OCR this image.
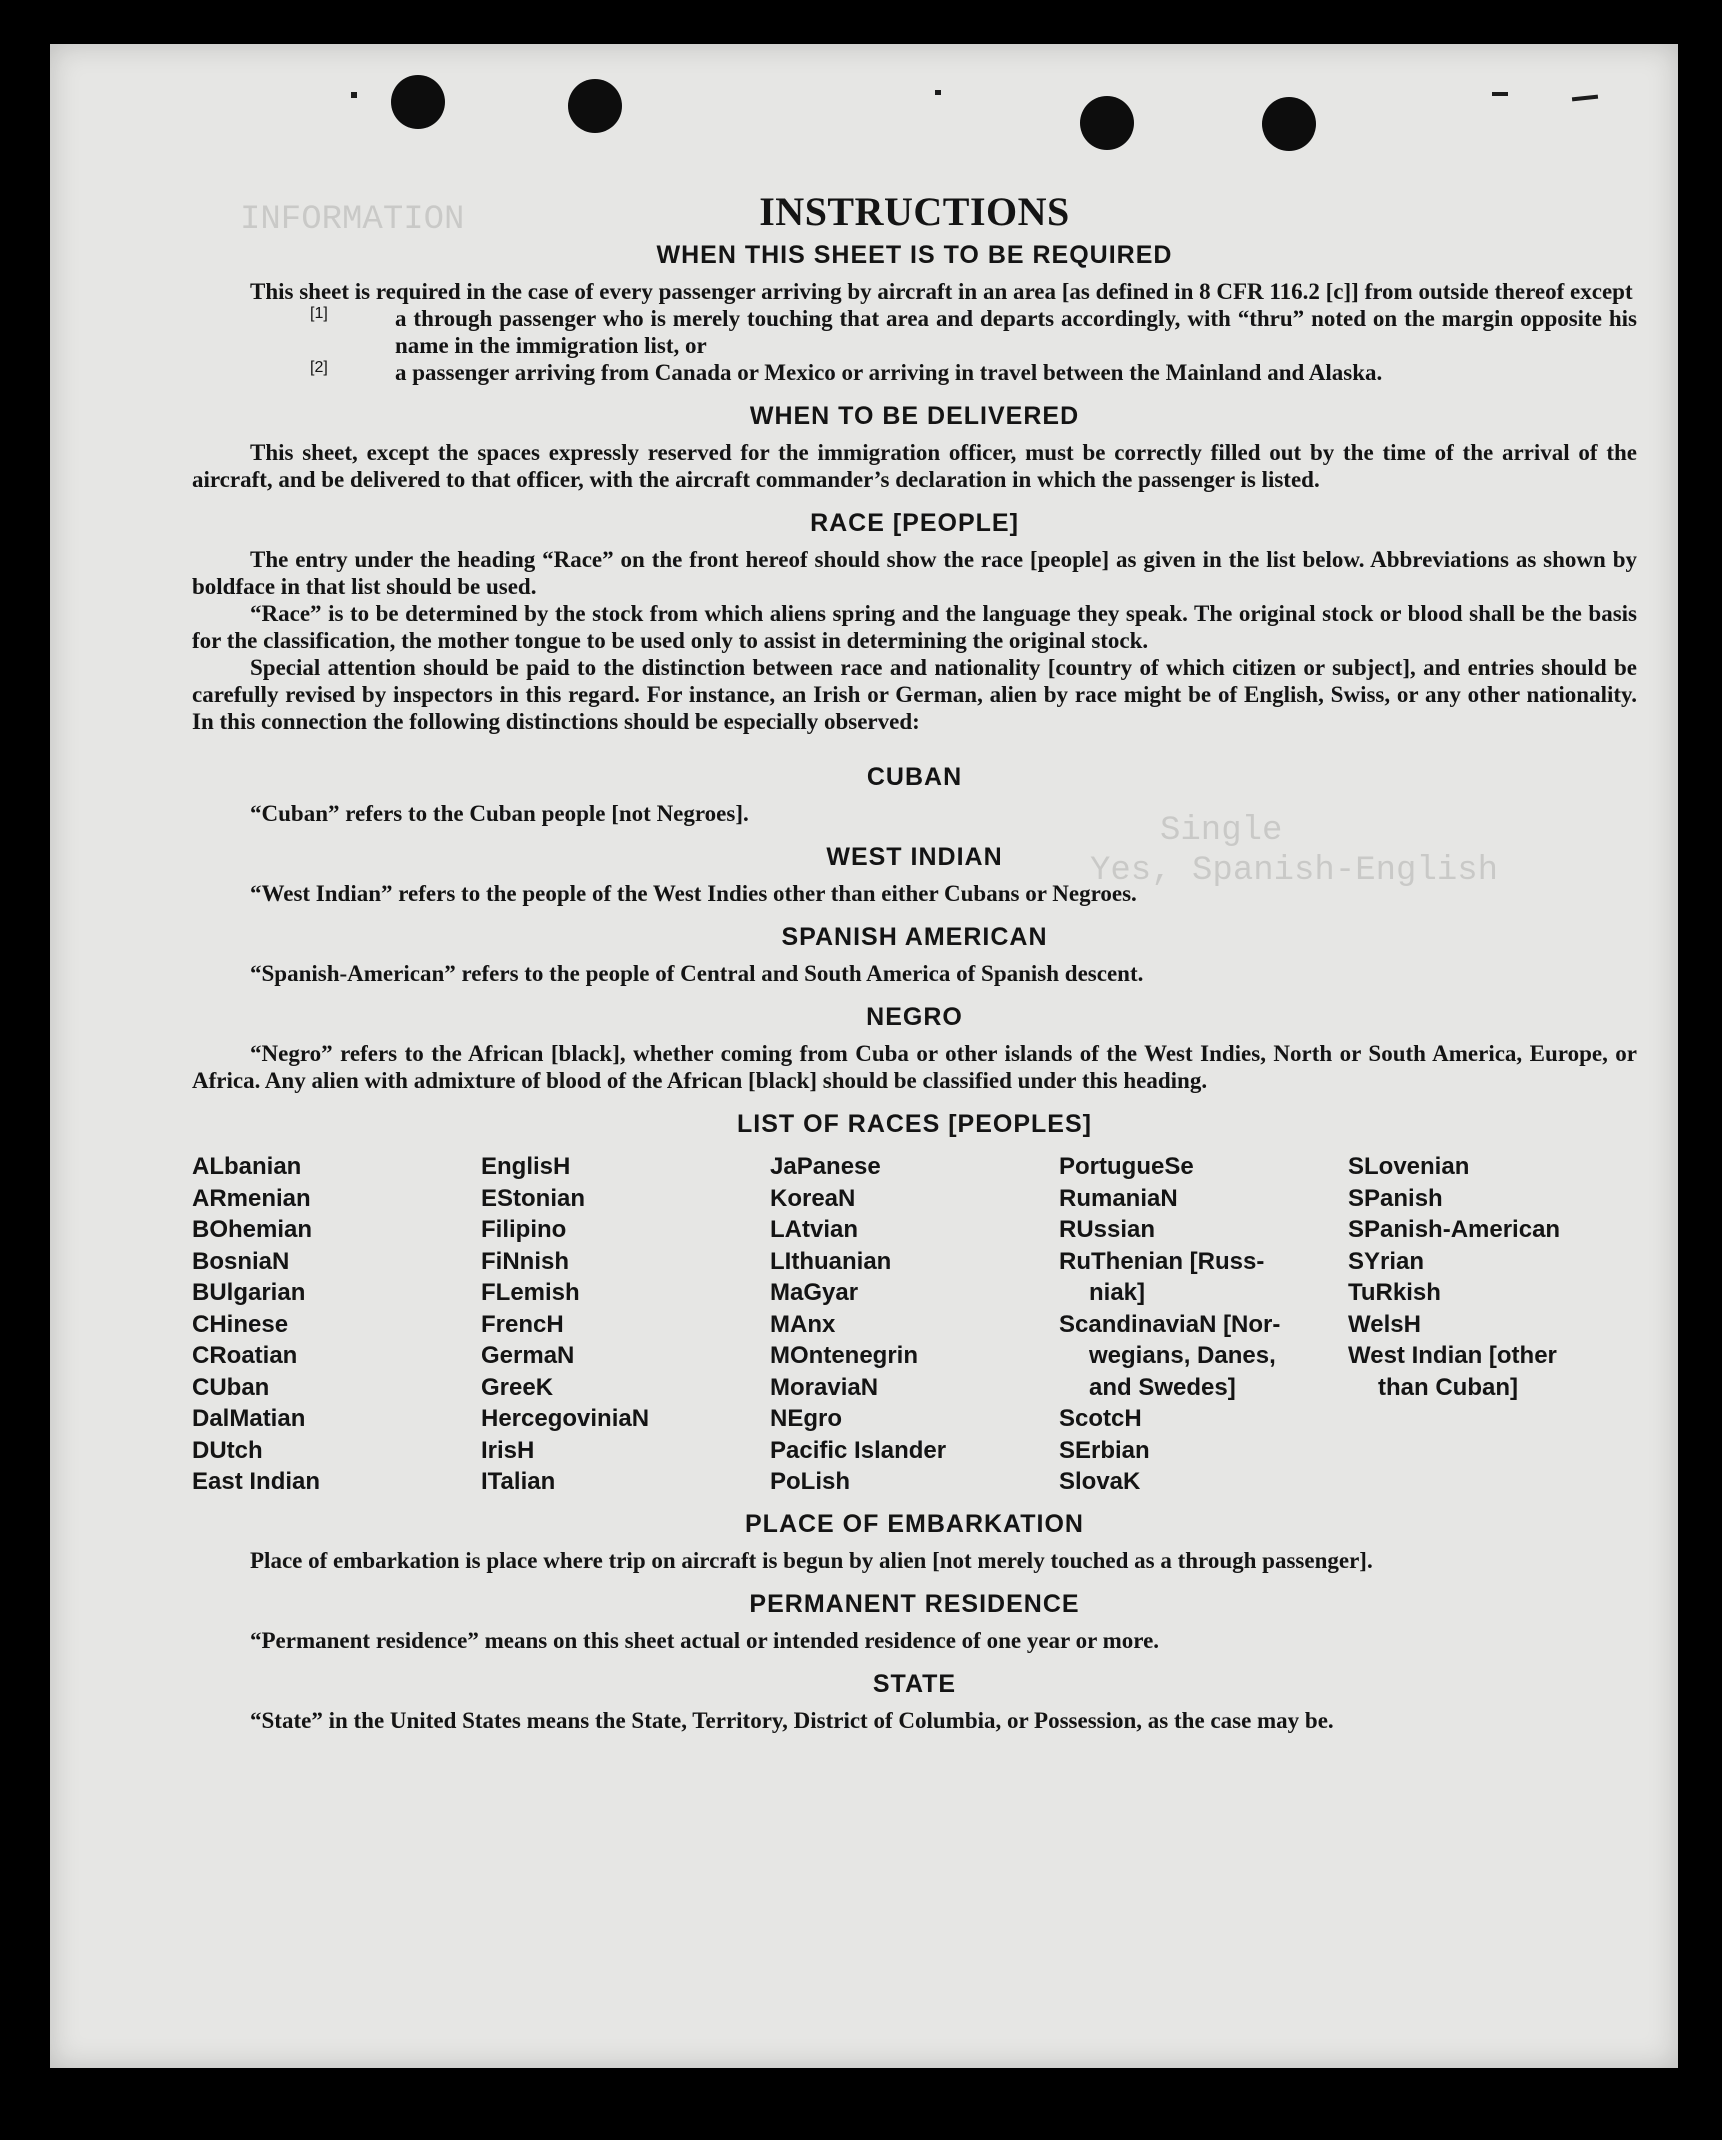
INFORMATION
Single
Yes, Spanish-English
INSTRUCTIONS
WHEN THIS SHEET IS TO BE REQUIRED

This sheet is required in the case of every passenger arriving by aircraft in an area [as defined in 8 CFR 116.2 [c]] from outside thereof except

[1]	a through passenger who is merely touching that area and departs accordingly, with “thru” noted on the margin opposite his name in the immigration list, or

[2]	a passenger arriving from Canada or Mexico or arriving in travel between the Mainland and Alaska.

WHEN TO BE DELIVERED

This sheet, except the spaces expressly reserved for the immigration officer, must be correctly filled out by the time of the arrival of the aircraft, and be delivered to that officer, with the aircraft commander’s declaration in which the passenger is listed.

RACE [PEOPLE]

The entry under the heading “Race” on the front hereof should show the race [people] as given in the list below. Abbreviations as shown by boldface in that list should be used.

“Race” is to be determined by the stock from which aliens spring and the language they speak. The original stock or blood shall be the basis for the classification, the mother tongue to be used only to assist in determining the original stock.

Special attention should be paid to the distinction between race and nationality [country of which citizen or subject], and entries should be carefully revised by inspectors in this regard. For instance, an Irish or German, alien by race might be of English, Swiss, or any other nationality. In this connection the following distinctions should be especially observed:

CUBAN

“Cuban” refers to the Cuban people [not Negroes].

WEST INDIAN

“West Indian” refers to the people of the West Indies other than either Cubans or Negroes.

SPANISH AMERICAN

“Spanish-American” refers to the people of Central and South America of Spanish descent.

NEGRO

“Negro” refers to the African [black], whether coming from Cuba or other islands of the West Indies, North or South America, Europe, or Africa. Any alien with admixture of blood of the African [black] should be classified under this heading.

LIST OF RACES [PEOPLES]
ALbanian
ARmenian
BOhemian
BosniaN
BUlgarian
CHinese
CRoatian
CUban
DalMatian
DUtch
East Indian
EnglisH
EStonian
Filipino
FiNnish
FLemish
FrencH
GermaN
GreeK
HercegoviniaN
IrisH
ITalian
JaPanese
KoreaN
LAtvian
LIthuanian
MaGyar
MAnx
MOntenegrin
MoraviaN
NEgro
Pacific Islander
PoLish
PortugueSe
RumaniaN
RUssian
RuThenian [Russ-
niak]
ScandinaviaN [Nor-
wegians, Danes,
and Swedes]
ScotcH
SErbian
SlovaK
SLovenian
SPanish
SPanish-American
SYrian
TuRkish
WelsH
West Indian [other
than Cuban]
PLACE OF EMBARKATION

Place of embarkation is place where trip on aircraft is begun by alien [not merely touched as a through passenger].

PERMANENT RESIDENCE

“Permanent residence” means on this sheet actual or intended residence of one year or more.

STATE

“State” in the United States means the State, Territory, District of Columbia, or Possession, as the case may be.
